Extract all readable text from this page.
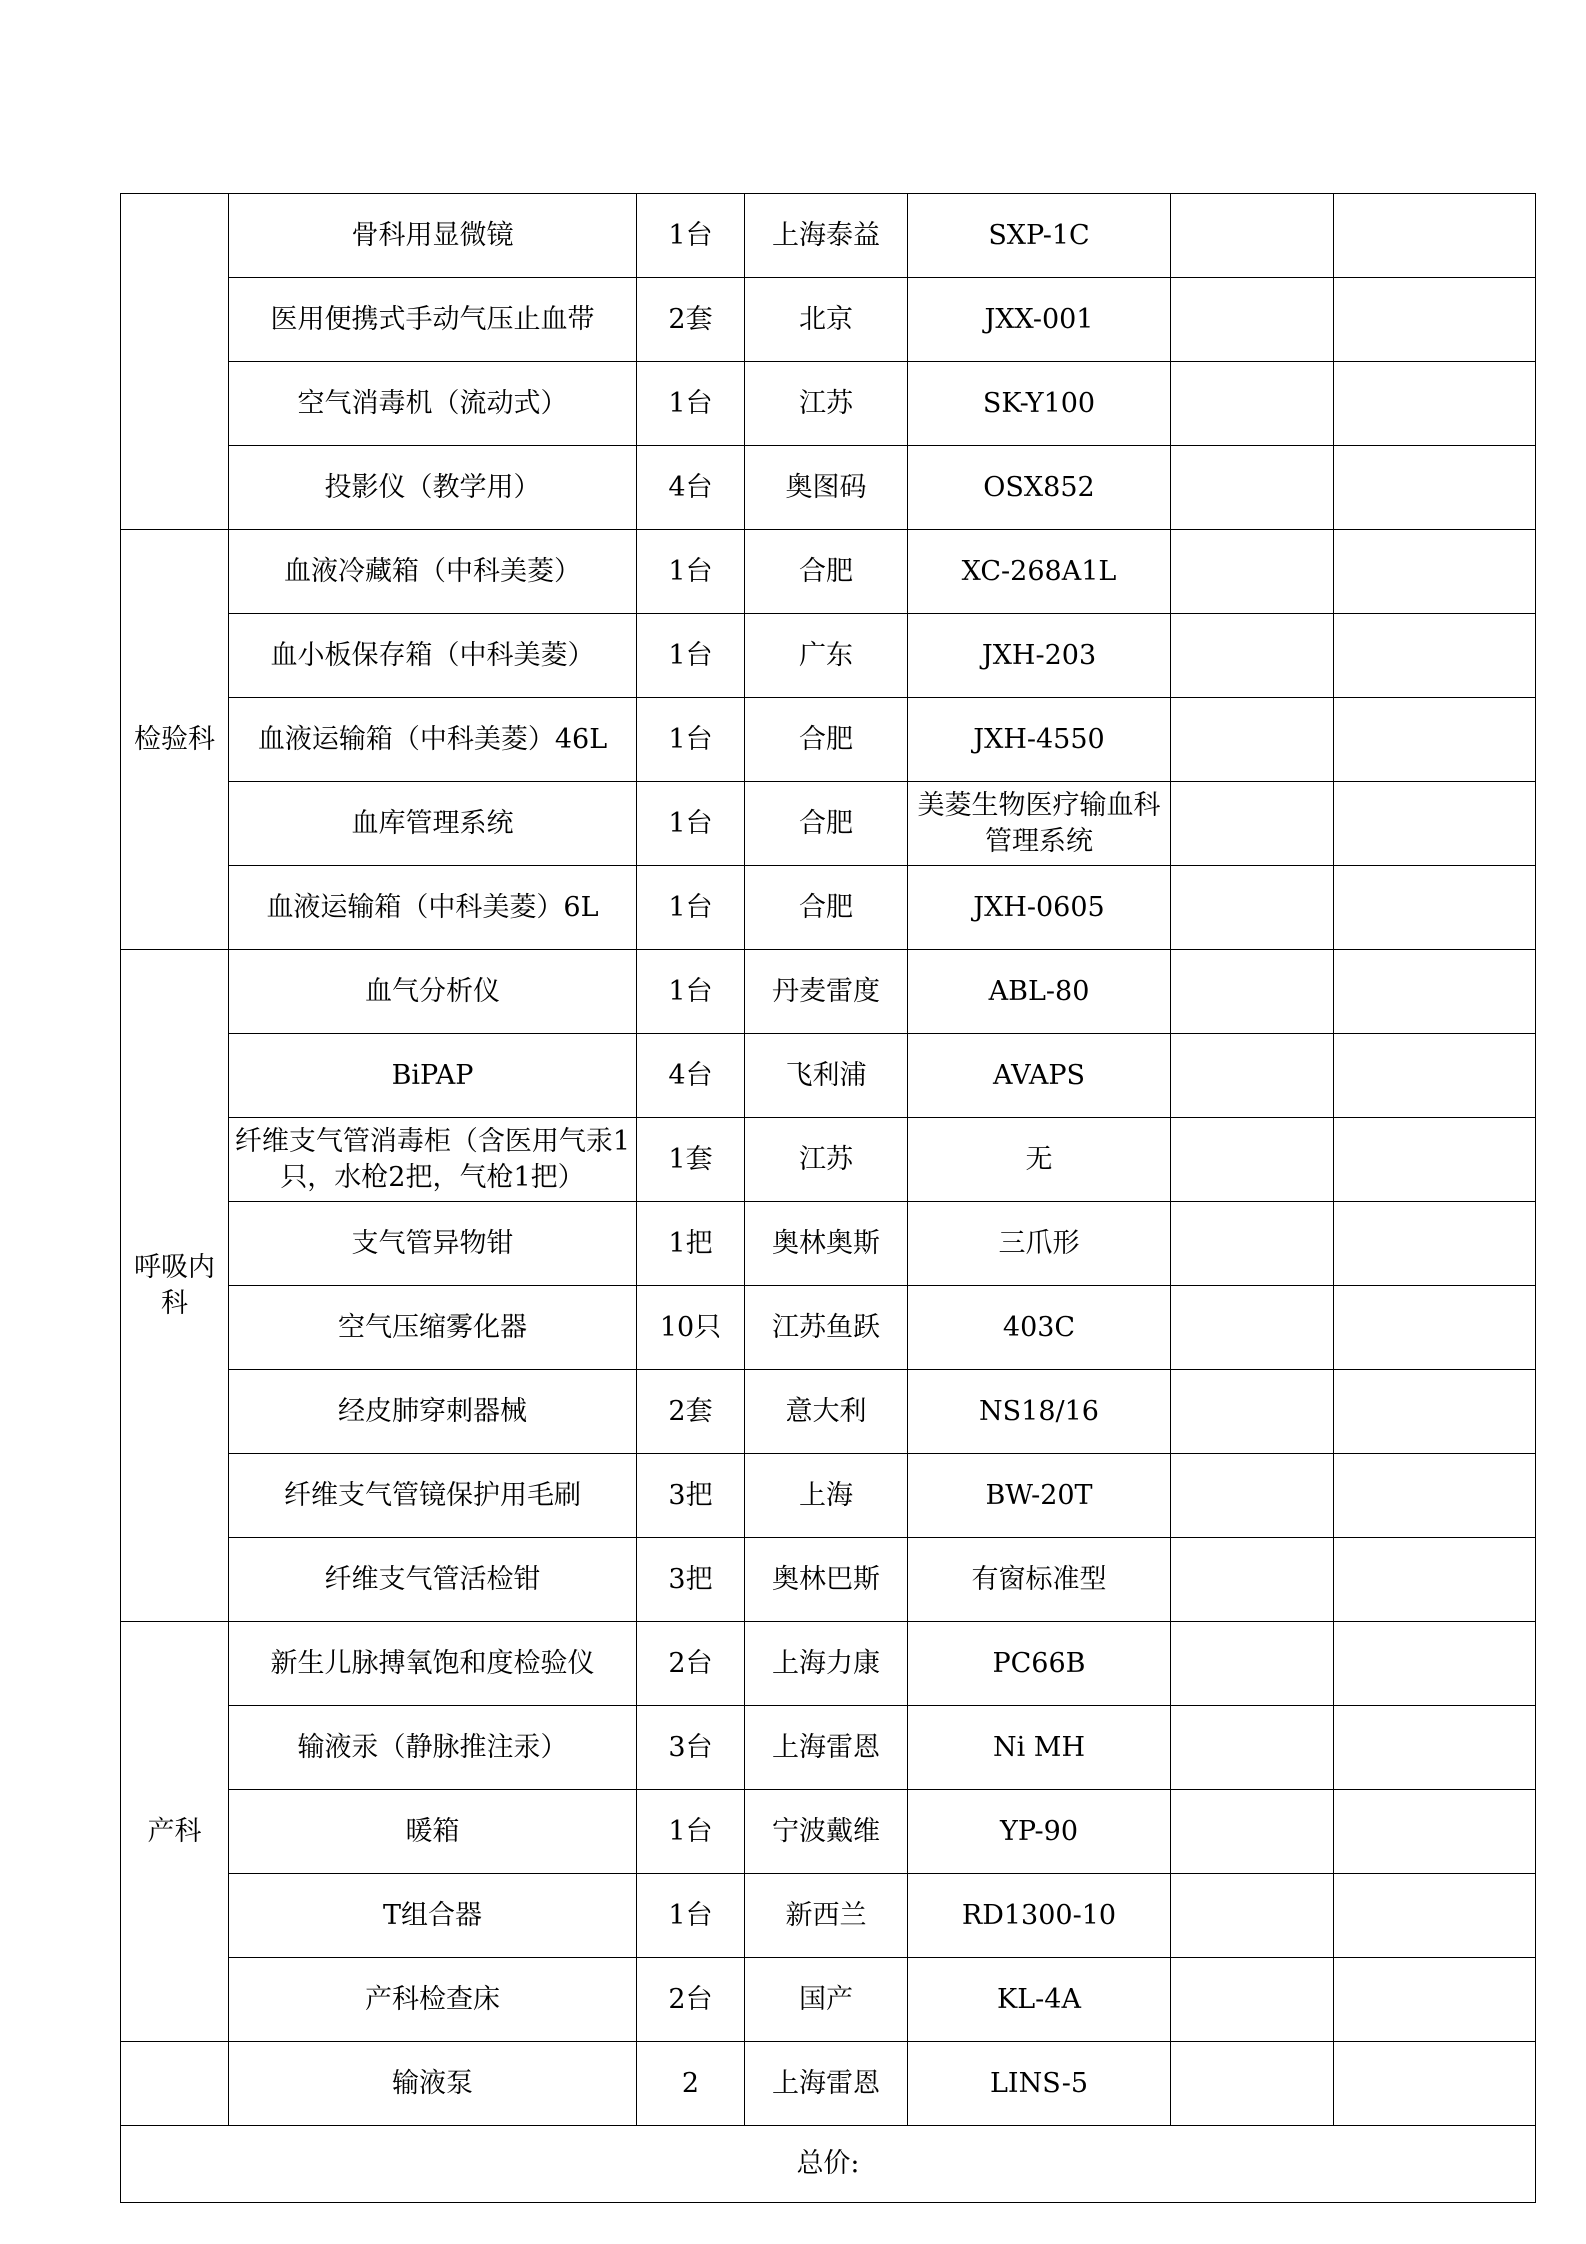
	骨科用显微镜	1台	上海泰益	SXP-1C		
	医用便携式手动气压止血带	2套	北京	JXX-001		
	空气消毒机（流动式）	1台	江苏	SK-Y100		
	投影仪（教学用）	4台	奥图码	OSX852		
检验科	血液冷藏箱（中科美菱）	1台	合肥	XC-268A1L		
	血小板保存箱（中科美菱）	1台	广东	JXH-203		
	血液运输箱（中科美菱）46L	1台	合肥	JXH-4550		
	血库管理系统	1台	合肥	美菱生物医疗输血科管理系统		
	血液运输箱（中科美菱）6L	1台	合肥	JXH-0605		
呼吸内科	血气分析仪	1台	丹麦雷度	ABL-80		
	BiPAP	4台	飞利浦	AVAPS		
	纤维支气管消毒柜（含医用气汞1只，水枪2把，气枪1把）	1套	江苏	无		
	支气管异物钳	1把	奥林奥斯	三爪形		
	空气压缩雾化器	10只	江苏鱼跃	403C		
	经皮肺穿刺器械	2套	意大利	NS18/16		
	纤维支气管镜保护用毛刷	3把	上海	BW-20T		
	纤维支气管活检钳	3把	奥林巴斯	有窗标准型		
产科	新生儿脉搏氧饱和度检验仪	2台	上海力康	PC66B		
	输液汞（静脉推注汞）	3台	上海雷恩	Ni MH		
	暖箱	1台	宁波戴维	YP-90		
	T组合器	1台	新西兰	RD1300-10		
	产科检查床	2台	国产	KL-4A		
	输液泵	2	上海雷恩	LINS-5		
总价:						
